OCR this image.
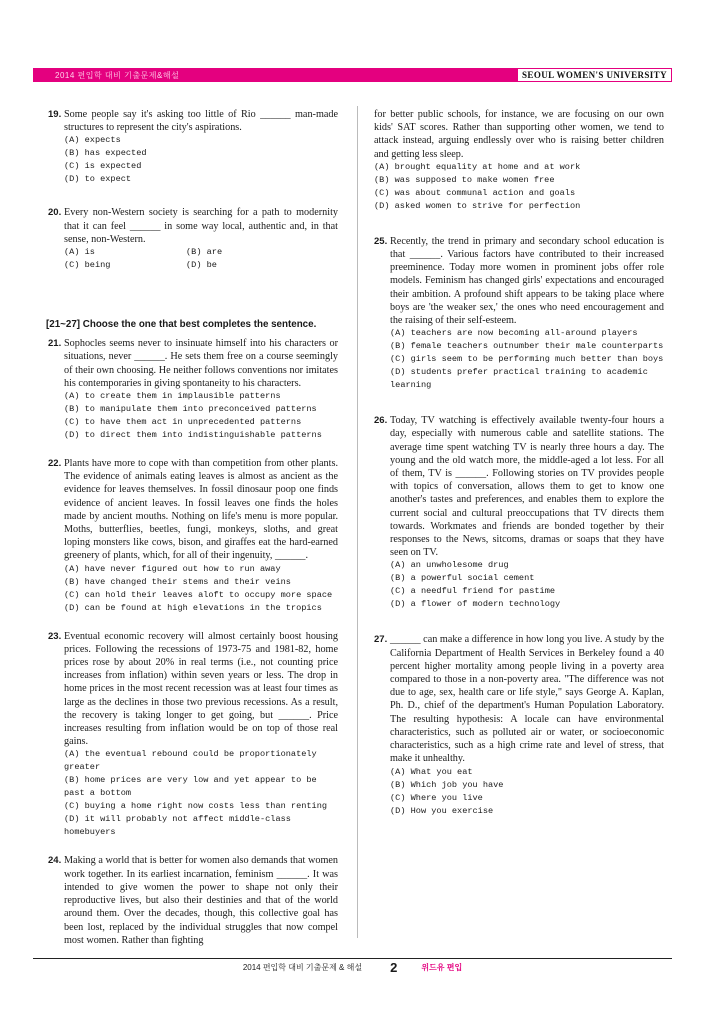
2014 편입학 대비 기출문제&해설	SEOUL WOMEN'S UNIVERSITY
19. Some people say it's asking too little of Rio ______ man-made structures to represent the city's aspirations.
(A) expects
(B) has expected
(C) is expected
(D) to expect
20. Every non-Western society is searching for a path to modernity that it can feel ______ in some way local, authentic and, in that sense, non-Western.
(A) is	(B) are
(C) being	(D) be
[21~27] Choose the one that best completes the sentence.
21. Sophocles seems never to insinuate himself into his characters or situations, never ______. He sets them free on a course seemingly of their own choosing. He neither follows conventions nor imitates his contemporaries in giving spontaneity to his characters.
(A) to create them in implausible patterns
(B) to manipulate them into preconceived patterns
(C) to have them act in unprecedented patterns
(D) to direct them into indistinguishable patterns
22. Plants have more to cope with than competition from other plants. The evidence of animals eating leaves is almost as ancient as the evidence for leaves themselves. In fossil dinosaur poop one finds evidence of ancient leaves. In fossil leaves one finds the holes made by ancient mouths. Nothing on life's menu is more popular. Moths, butterflies, beetles, fungi, monkeys, sloths, and great loping monsters like cows, bison, and giraffes eat the hard-earned greenery of plants, which, for all of their ingenuity, ______.
(A) have never figured out how to run away
(B) have changed their stems and their veins
(C) can hold their leaves aloft to occupy more space
(D) can be found at high elevations in the tropics
23. Eventual economic recovery will almost certainly boost housing prices. Following the recessions of 1973-75 and 1981-82, home prices rose by about 20% in real terms (i.e., not counting price increases from inflation) within seven years or less. The drop in home prices in the most recent recession was at least four times as large as the declines in those two previous recessions. As a result, the recovery is taking longer to get going, but ______. Price increases resulting from inflation would be on top of those real gains.
(A) the eventual rebound could be proportionately greater
(B) home prices are very low and yet appear to be past a bottom
(C) buying a home right now costs less than renting
(D) it will probably not affect middle-class homebuyers
24. Making a world that is better for women also demands that women work together. In its earliest incarnation, feminism ______. It was intended to give women the power to shape not only their reproductive lives, but also their destinies and that of the world around them. Over the decades, though, this collective goal has been lost, replaced by the individual struggles that now compel most women. Rather than fighting
for better public schools, for instance, we are focusing on our own kids' SAT scores. Rather than supporting other women, we tend to attack instead, arguing endlessly over who is raising better children and getting less sleep.
(A) brought equality at home and at work
(B) was supposed to make women free
(C) was about communal action and goals
(D) asked women to strive for perfection
25. Recently, the trend in primary and secondary school education is that ______. Various factors have contributed to their increased preeminence. Today more women in prominent jobs offer role models. Feminism has changed girls' expectations and encouraged their ambition. A profound shift appears to be taking place where boys are 'the weaker sex,' the ones who need encouragement and the raising of their self-esteem.
(A) teachers are now becoming all-around players
(B) female teachers outnumber their male counterparts
(C) girls seem to be performing much better than boys
(D) students prefer practical training to academic learning
26. Today, TV watching is effectively available twenty-four hours a day, especially with numerous cable and satellite stations. The average time spent watching TV is nearly three hours a day. The young and the old watch more, the middle-aged a lot less. For all of them, TV is ______. Following stories on TV provides people with topics of conversation, allows them to get to know one another's tastes and preferences, and enables them to explore the current social and cultural preoccupations that TV directs them towards. Workmates and friends are bonded together by their responses to the News, sitcoms, dramas or soaps that they have seen on TV.
(A) an unwholesome drug
(B) a powerful social cement
(C) a needful friend for pastime
(D) a flower of modern technology
27. ______ can make a difference in how long you live. A study by the California Department of Health Services in Berkeley found a 40 percent higher mortality among people living in a poverty area compared to those in a non-poverty area. "The difference was not due to age, sex, health care or life style," says George A. Kaplan, Ph. D., chief of the department's Human Population Laboratory. The resulting hypothesis: A locale can have environmental characteristics, such as polluted air or water, or socioeconomic characteristics, such as a high crime rate and level of stress, that make it unhealthy.
(A) What you eat
(B) Which job you have
(C) Where you live
(D) How you exercise
2014 편입학 대비 기출문제 & 해설 2	위드유 편입
